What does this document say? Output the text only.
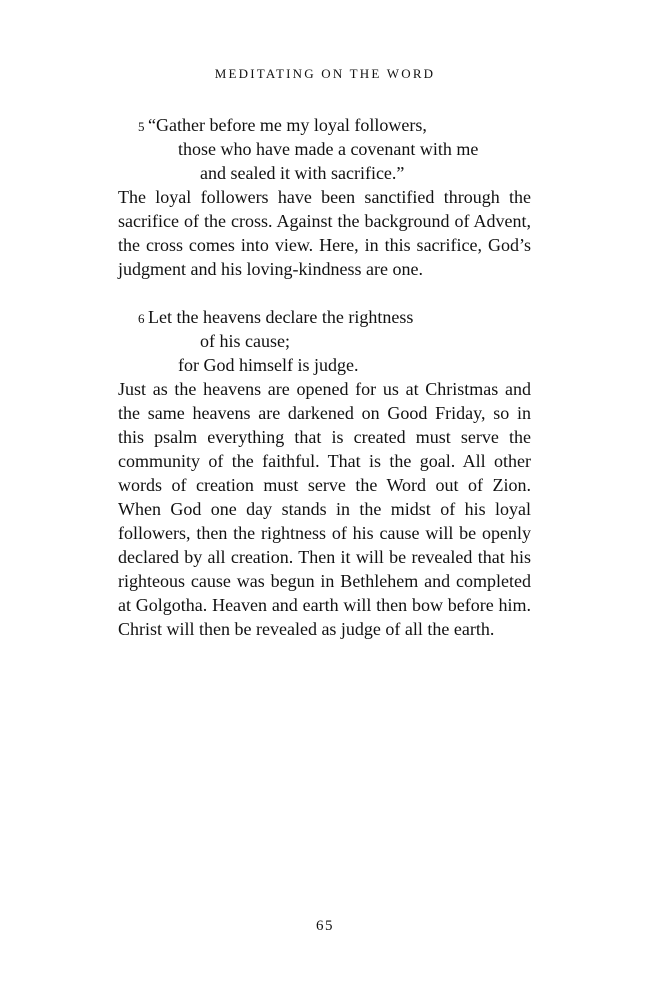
MEDITATING ON THE WORD
5 “Gather before me my loyal followers,
those who have made a covenant with me
and sealed it with sacrifice.”

The loyal followers have been sanctified through the sacrifice of the cross. Against the background of Advent, the cross comes into view. Here, in this sacrifice, God’s judgment and his loving-kindness are one.

6 Let the heavens declare the rightness
of his cause;
for God himself is judge.

Just as the heavens are opened for us at Christmas and the same heavens are darkened on Good Friday, so in this psalm everything that is created must serve the community of the faithful. That is the goal. All other words of creation must serve the Word out of Zion. When God one day stands in the midst of his loyal followers, then the rightness of his cause will be openly declared by all creation. Then it will be revealed that his righteous cause was begun in Bethlehem and completed at Golgotha. Heaven and earth will then bow before him. Christ will then be revealed as judge of all the earth.

65
